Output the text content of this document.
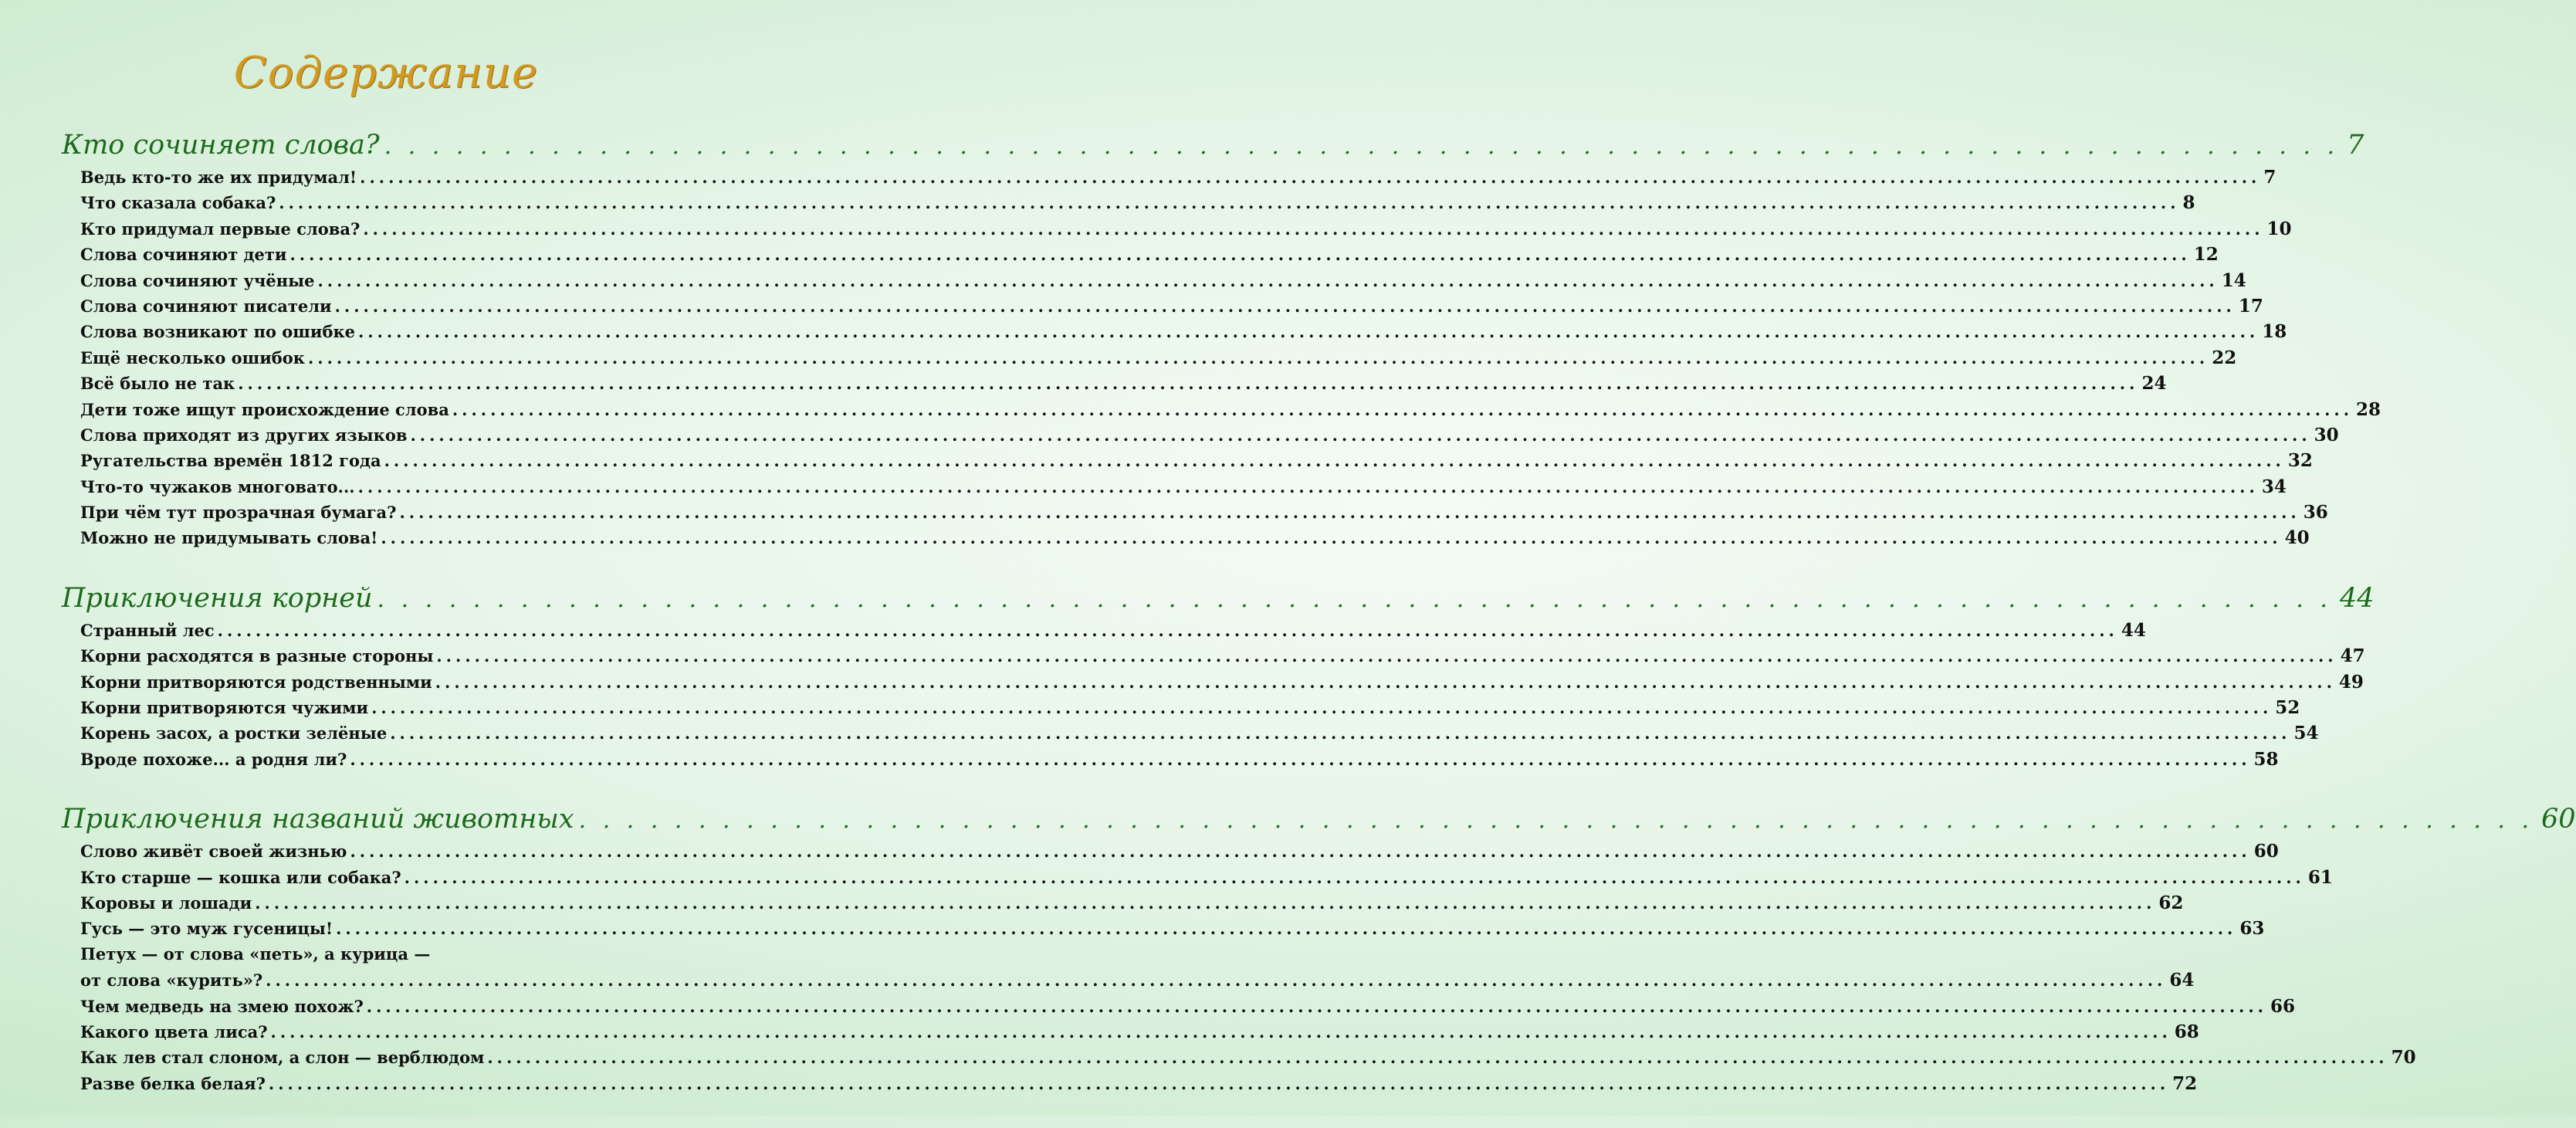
Содержание
Кто сочиняет слова? . . . . . . . . . . . . . . . . . . . . . . . . . . . . . . . . . . . . . . . . . . . . . . . . . . . . . . . . . . . . . . . . . . . . . . . . . . . . . . . . . . 7
Ведь кто-то же их придумал! ........................................................................................................................................................................................................ 7
Что сказала собака? ........................................................................................................................................................................................................ 8
Кто придумал первые слова? ........................................................................................................................................................................................................ 10
Слова сочиняют дети ........................................................................................................................................................................................................ 12
Слова сочиняют учёные ........................................................................................................................................................................................................ 14
Слова сочиняют писатели ........................................................................................................................................................................................................ 17
Слова возникают по ошибке ........................................................................................................................................................................................................ 18
Ещё несколько ошибок ........................................................................................................................................................................................................ 22
Всё было не так ........................................................................................................................................................................................................ 24
Дети тоже ищут происхождение слова ........................................................................................................................................................................................................ 28
Слова приходят из других языков ........................................................................................................................................................................................................ 30
Ругательства времён 1812 года ........................................................................................................................................................................................................ 32
Что-то чужаков многовато... ........................................................................................................................................................................................................ 34
При чём тут прозрачная бумага? ........................................................................................................................................................................................................ 36
Можно не придумывать слова! ........................................................................................................................................................................................................ 40
Приключения корней . . . . . . . . . . . . . . . . . . . . . . . . . . . . . . . . . . . . . . . . . . . . . . . . . . . . . . . . . . . . . . . . . . . . . . . . . . . . . . . . . . 44
Странный лес ........................................................................................................................................................................................................ 44
Корни расходятся в разные стороны ........................................................................................................................................................................................................ 47
Корни притворяются родственными ........................................................................................................................................................................................................ 49
Корни притворяются чужими ........................................................................................................................................................................................................ 52
Корень засох, а ростки зелёные ........................................................................................................................................................................................................ 54
Вроде похоже... а родня ли? ........................................................................................................................................................................................................ 58
Приключения названий животных . . . . . . . . . . . . . . . . . . . . . . . . . . . . . . . . . . . . . . . . . . . . . . . . . . . . . . . . . . . . . . . . . . . . . . . . . . . . . . . . . . 60
Слово живёт своей жизнью ........................................................................................................................................................................................................ 60
Кто старше — кошка или собака? ........................................................................................................................................................................................................ 61
Коровы и лошади ........................................................................................................................................................................................................ 62
Гусь — это муж гусеницы! ........................................................................................................................................................................................................ 63
Петух — от слова «петь», а курица —
от слова «курить»? ........................................................................................................................................................................................................ 64
Чем медведь на змею похож? ........................................................................................................................................................................................................ 66
Какого цвета лиса? ........................................................................................................................................................................................................ 68
Как лев стал слоном, а слон — верблюдом ........................................................................................................................................................................................................ 70
Разве белка белая? ........................................................................................................................................................................................................ 72
